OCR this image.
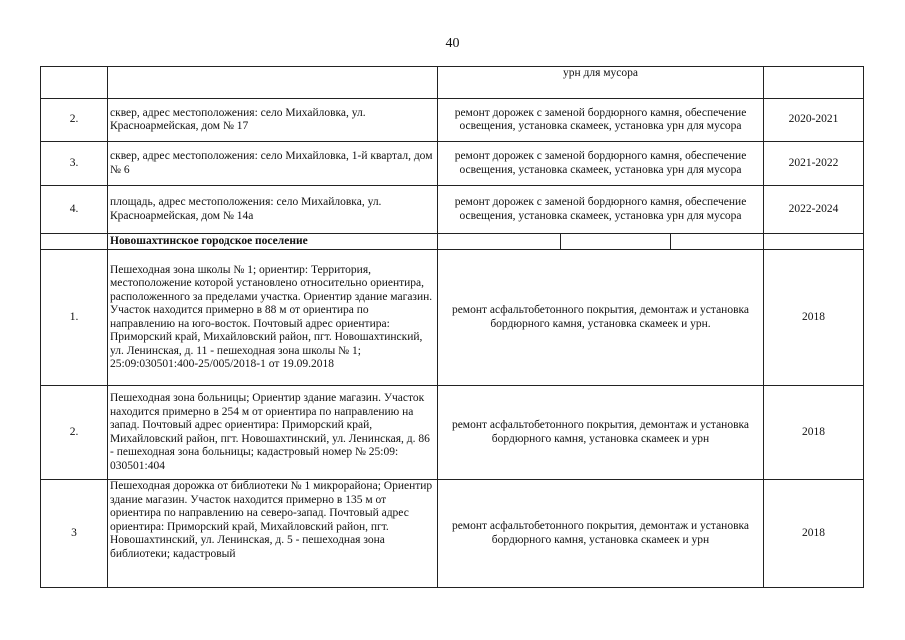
40
		урн для мусора	
2.	сквер, адрес местоположения: село Михайловка, ул. Красноармейская, дом № 17	ремонт дорожек с заменой бордюрного камня, обеспечение освещения, установка скамеек, установка урн для мусора	2020-2021
3.	сквер, адрес местоположения: село Михайловка, 1-й квартал, дом № 6	ремонт дорожек с заменой бордюрного камня, обеспечение освещения, установка скамеек, установка урн для мусора	2021-2022
4.	площадь, адрес местоположения: село Михайловка, ул. Красноармейская, дом № 14а	ремонт дорожек с заменой бордюрного камня, обеспечение освещения, установка скамеек, установка урн для мусора	2022-2024
	Новошахтинское городское поселение	

1.	Пешеходная зона школы № 1; ориентир: Территория, местоположение которой установлено относительно ориентира, расположенного за пределами участка. Ориентир здание магазин. Участок находится примерно в 88 м от ориентира по направлению на юго-восток. Почтовый адрес ориентира: Приморский край, Михайловский район, пгт. Новошахтинский, ул. Ленинская, д. 11 - пешеходная зона школы № 1; 25:09:030501:400-25/005/2018-1 от 19.09.2018	ремонт асфальтобетонного покрытия, демонтаж и установка бордюрного камня, установка скамеек и урн.	2018
2.	Пешеходная зона больницы; Ориентир здание магазин. Участок находится примерно в 254 м от ориентира по направлению на запад. Почтовый адрес ориентира: Приморский край, Михайловский район, пгт. Новошахтинский, ул. Ленинская, д. 86 - пешеходная зона больницы; кадастровый номер № 25:09: 030501:404	ремонт асфальтобетонного покрытия, демонтаж и установка бордюрного камня, установка скамеек и урн	2018
3	Пешеходная дорожка от библиотеки № 1 микрорайона; Ориентир здание магазин. Участок находится примерно в 135 м от ориентира по направлению на северо-запад. Почтовый адрес ориентира: Приморский край, Михайловский район, пгт. Новошахтинский, ул. Ленинская, д. 5 - пешеходная зона библиотеки; кадастровый	ремонт асфальтобетонного покрытия, демонтаж и установка бордюрного камня, установка скамеек и урн	2018
